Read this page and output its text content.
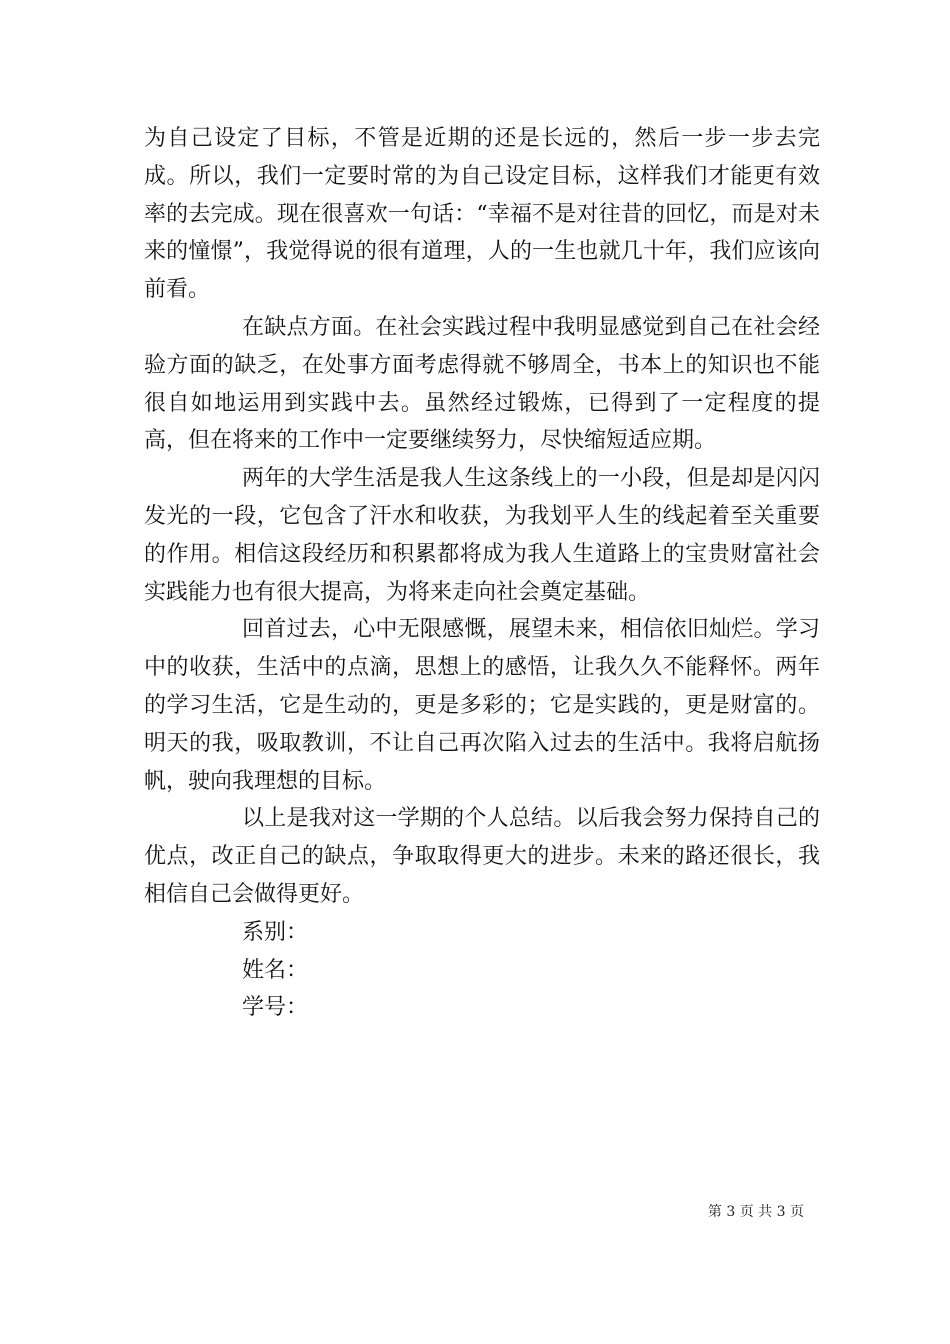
为自己设定了目标，不管是近期的还是长远的，然后一步一步去完成。所以，我们一定要时常的为自己设定目标，这样我们才能更有效率的去完成。现在很喜欢一句话：“幸福不是对往昔的回忆，而是对未来的憧憬”，我觉得说的很有道理，人的一生也就几十年，我们应该向前看。

在缺点方面。在社会实践过程中我明显感觉到自己在社会经验方面的缺乏，在处事方面考虑得就不够周全，书本上的知识也不能很自如地运用到实践中去。虽然经过锻炼，已得到了一定程度的提高，但在将来的工作中一定要继续努力，尽快缩短适应期。

两年的大学生活是我人生这条线上的一小段，但是却是闪闪发光的一段，它包含了汗水和收获，为我划平人生的线起着至关重要的作用。相信这段经历和积累都将成为我人生道路上的宝贵财富社会实践能力也有很大提高，为将来走向社会奠定基础。

回首过去，心中无限感慨，展望未来，相信依旧灿烂。学习中的收获，生活中的点滴，思想上的感悟，让我久久不能释怀。两年的学习生活，它是生动的，更是多彩的；它是实践的，更是财富的。明天的我，吸取教训，不让自己再次陷入过去的生活中。我将启航扬帆，驶向我理想的目标。

以上是我对这一学期的个人总结。以后我会努力保持自己的优点，改正自己的缺点，争取取得更大的进步。未来的路还很长，我相信自己会做得更好。

系别：

姓名：

学号：

第 3 页 共 3 页
